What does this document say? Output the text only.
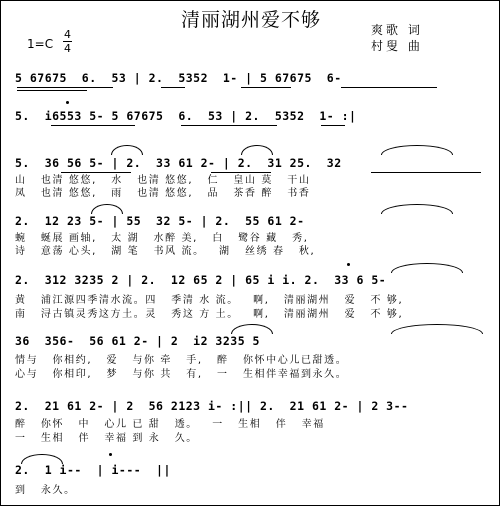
清丽湖州爱不够	爽歌 词
村叟 曲
1=C
4
4
5 67675  6.  53 | 2.  5352  1- | 5 67675  6-
5.  i6553 5- 5 67675  6.  53 | 2.  5352  1- :|
5.  36 56 5- | 2.  33 61 2- | 2.  31 25.  32
山   也清 悠悠,   水   也清 悠悠,   仁   皇山 莫   干山
凤   也清 悠悠,   雨   也清 悠悠,   品   茶香 醉   书香
2.  12 23 5- | 55  32 5- | 2.  55 61 2-
蜿   蜒展 画轴,   太 湖   水醉 美,   白   鹭谷 藏   秀,
诗   意荡 心头,   湖 笔   书风 流。   湖   丝绣 春   秋,
2.  312 3235 2 | 2.  12 65 2 | 65 i i. 2.  33 6 5-
黄   浦江源四季清水流。四   季清 水 流。   啊,   清丽湖州   爱   不 够,
南   浔古镇灵秀这方土。灵   秀这 方 土。   啊,   清丽湖州   爱   不 够,
36  356-  56 61 2- | 2  i2 3235 5
情与   你相约,   爱   与你 牵   手,   醉   你怀中心儿已甜透。
心与   你相印,   梦   与你 共   有,   一   生相伴幸福到永久。
2.  21 61 2- | 2  56 2123 i- :|| 2.  21 61 2- | 2 3--
醉   你怀   中   心儿 已 甜   透。   一   生相   伴   幸福
一   生相   伴   幸福 到 永   久。
2.  1 i--  | i---  ||
到   永久。
